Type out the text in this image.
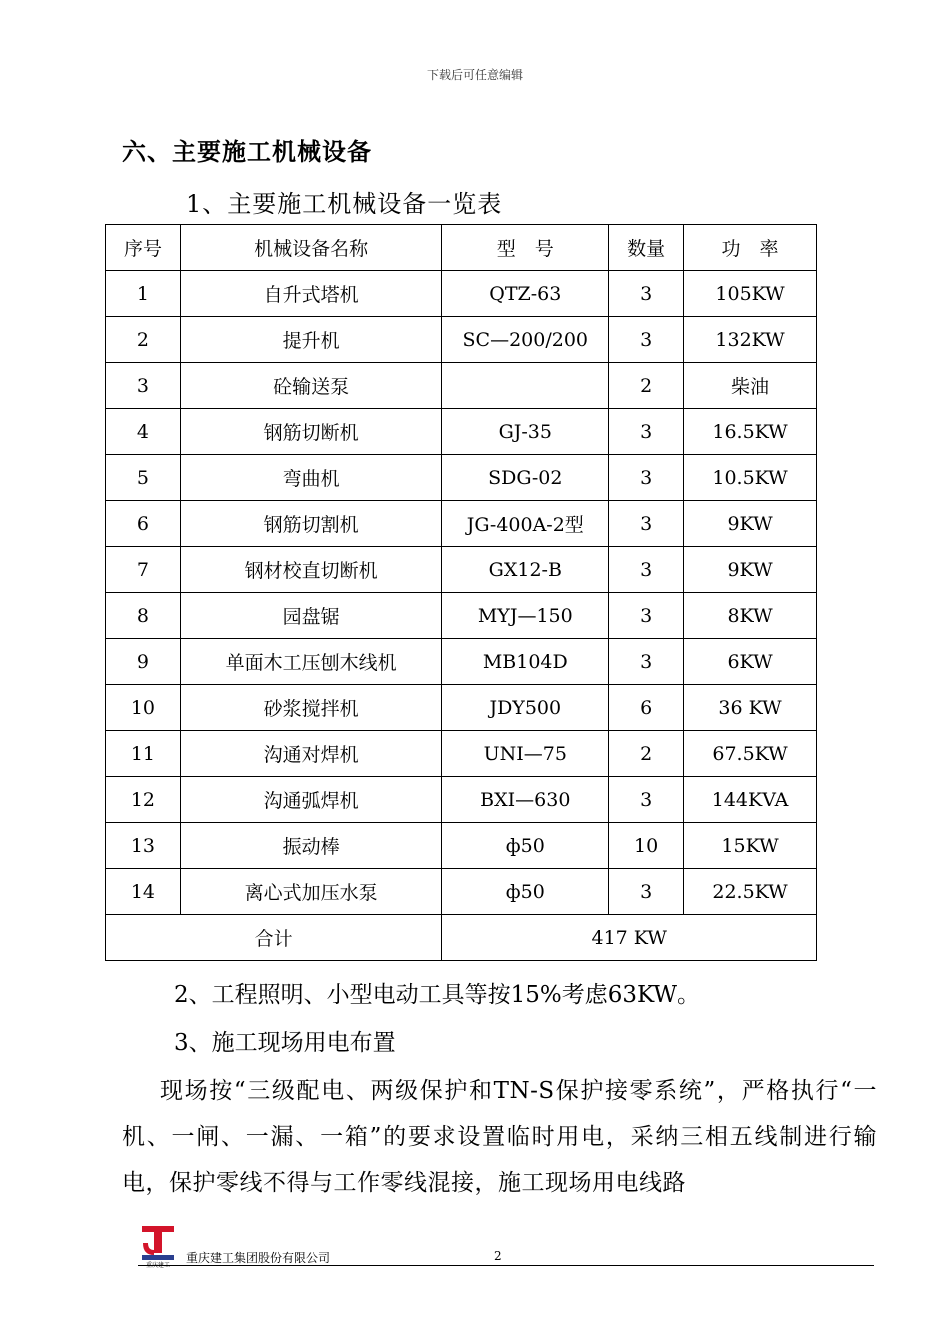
下载后可任意编辑
六、主要施工机械设备
1、主要施工机械设备一览表
序号	机械设备名称	型　号	数量	功　率
1	自升式塔机	QTZ-63	3	105KW
2	提升机	SC—200/200	3	132KW
3	砼输送泵		2	柴油
4	钢筋切断机	GJ-35	3	16.5KW
5	弯曲机	SDG-02	3	10.5KW
6	钢筋切割机	JG-400A-2型	3	9KW
7	钢材校直切断机	GX12-B	3	9KW
8	园盘锯	MYJ—150	3	8KW
9	单面木工压刨木线机	MB104D	3	6KW
10	砂浆搅拌机	JDY500	6	36 KW
11	沟通对焊机	UNI—75	2	67.5KW
12	沟通弧焊机	BXI—630	3	144KVA
13	振动棒	ф50	10	15KW
14	离心式加压水泵	ф50	3	22.5KW
合计		417 KW		
2、工程照明、小型电动工具等按15%考虑63KW。
3、施工现场用电布置
现场按“三级配电、两级保护和TN-S保护接零系统”，严格执行“一机、一闸、一漏、一箱”的要求设置临时用电，采纳三相五线制进行输电，保护零线不得与工作零线混接，施工现场用电线路
重庆建工
重庆建工集团股份有限公司	2
